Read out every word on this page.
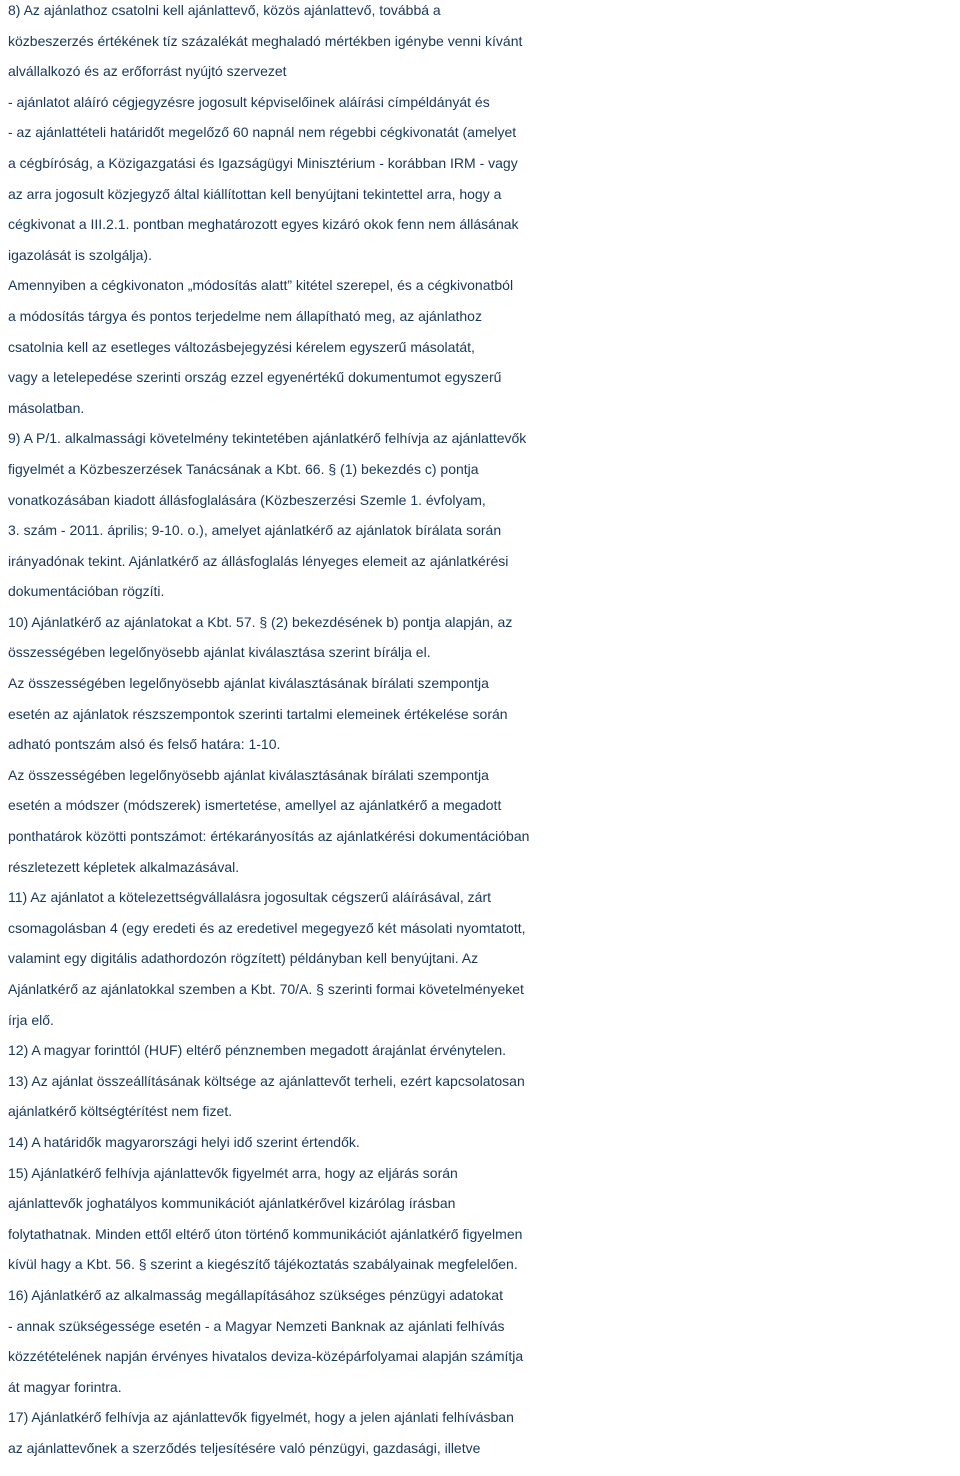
8) Az ajánlathoz csatolni kell ajánlattevő, közös ajánlattevő, továbbá a
közbeszerzés értékének tíz százalékát meghaladó mértékben igénybe venni kívánt
alvállalkozó és az erőforrást nyújtó szervezet
- ajánlatot aláíró cégjegyzésre jogosult képviselőinek aláírási címpéldányát és
- az ajánlattételi határidőt megelőző 60 napnál nem régebbi cégkivonatát (amelyet
a cégbíróság, a Közigazgatási és Igazságügyi Minisztérium - korábban IRM - vagy
az arra jogosult közjegyző által kiállítottan kell benyújtani tekintettel arra, hogy a
cégkivonat a III.2.1. pontban meghatározott egyes kizáró okok fenn nem állásának
igazolását is szolgálja).
Amennyiben a cégkivonaton „módosítás alatt” kitétel szerepel, és a cégkivonatból
a módosítás tárgya és pontos terjedelme nem állapítható meg, az ajánlathoz
csatolnia kell az esetleges változásbejegyzési kérelem egyszerű másolatát,
vagy a letelepedése szerinti ország ezzel egyenértékű dokumentumot egyszerű
másolatban.
9) A P/1. alkalmassági követelmény tekintetében ajánlatkérő felhívja az ajánlattevők
figyelmét a Közbeszerzések Tanácsának a Kbt. 66. § (1) bekezdés c) pontja
vonatkozásában kiadott állásfoglalására (Közbeszerzési Szemle 1. évfolyam,
3. szám - 2011. április; 9-10. o.), amelyet ajánlatkérő az ajánlatok bírálata során
irányadónak tekint. Ajánlatkérő az állásfoglalás lényeges elemeit az ajánlatkérési
dokumentációban rögzíti.
10) Ajánlatkérő az ajánlatokat a Kbt. 57. § (2) bekezdésének b) pontja alapján, az
összességében legelőnyösebb ajánlat kiválasztása szerint bírálja el.
Az összességében legelőnyösebb ajánlat kiválasztásának bírálati szempontja
esetén az ajánlatok részszempontok szerinti tartalmi elemeinek értékelése során
adható pontszám alsó és felső határa: 1-10.
Az összességében legelőnyösebb ajánlat kiválasztásának bírálati szempontja
esetén a módszer (módszerek) ismertetése, amellyel az ajánlatkérő a megadott
ponthatárok közötti pontszámot: értékarányosítás az ajánlatkérési dokumentációban
részletezett képletek alkalmazásával.
11) Az ajánlatot a kötelezettségvállalásra jogosultak cégszerű aláírásával, zárt
csomagolásban 4 (egy eredeti és az eredetivel megegyező két másolati nyomtatott,
valamint egy digitális adathordozón rögzített) példányban kell benyújtani. Az
Ajánlatkérő az ajánlatokkal szemben a Kbt. 70/A. § szerinti formai követelményeket
írja elő.
12) A magyar forinttól (HUF) eltérő pénznemben megadott árajánlat érvénytelen.
13) Az ajánlat összeállításának költsége az ajánlattevőt terheli, ezért kapcsolatosan
ajánlatkérő költségtérítést nem fizet.
14) A határidők magyarországi helyi idő szerint értendők.
15) Ajánlatkérő felhívja ajánlattevők figyelmét arra, hogy az eljárás során
ajánlattevők joghatályos kommunikációt ajánlatkérővel kizárólag írásban
folytathatnak. Minden ettől eltérő úton történő kommunikációt ajánlatkérő figyelmen
kívül hagy a Kbt. 56. § szerint a kiegészítő tájékoztatás szabályainak megfelelően.
16) Ajánlatkérő az alkalmasság megállapításához szükséges pénzügyi adatokat
- annak szükségessége esetén - a Magyar Nemzeti Banknak az ajánlati felhívás
közzétételének napján érvényes hivatalos deviza-középárfolyamai alapján számítja
át magyar forintra.
17) Ajánlatkérő felhívja az ajánlattevők figyelmét, hogy a jelen ajánlati felhívásban
az ajánlattevőnek a szerződés teljesítésére való pénzügyi, gazdasági, illetve
